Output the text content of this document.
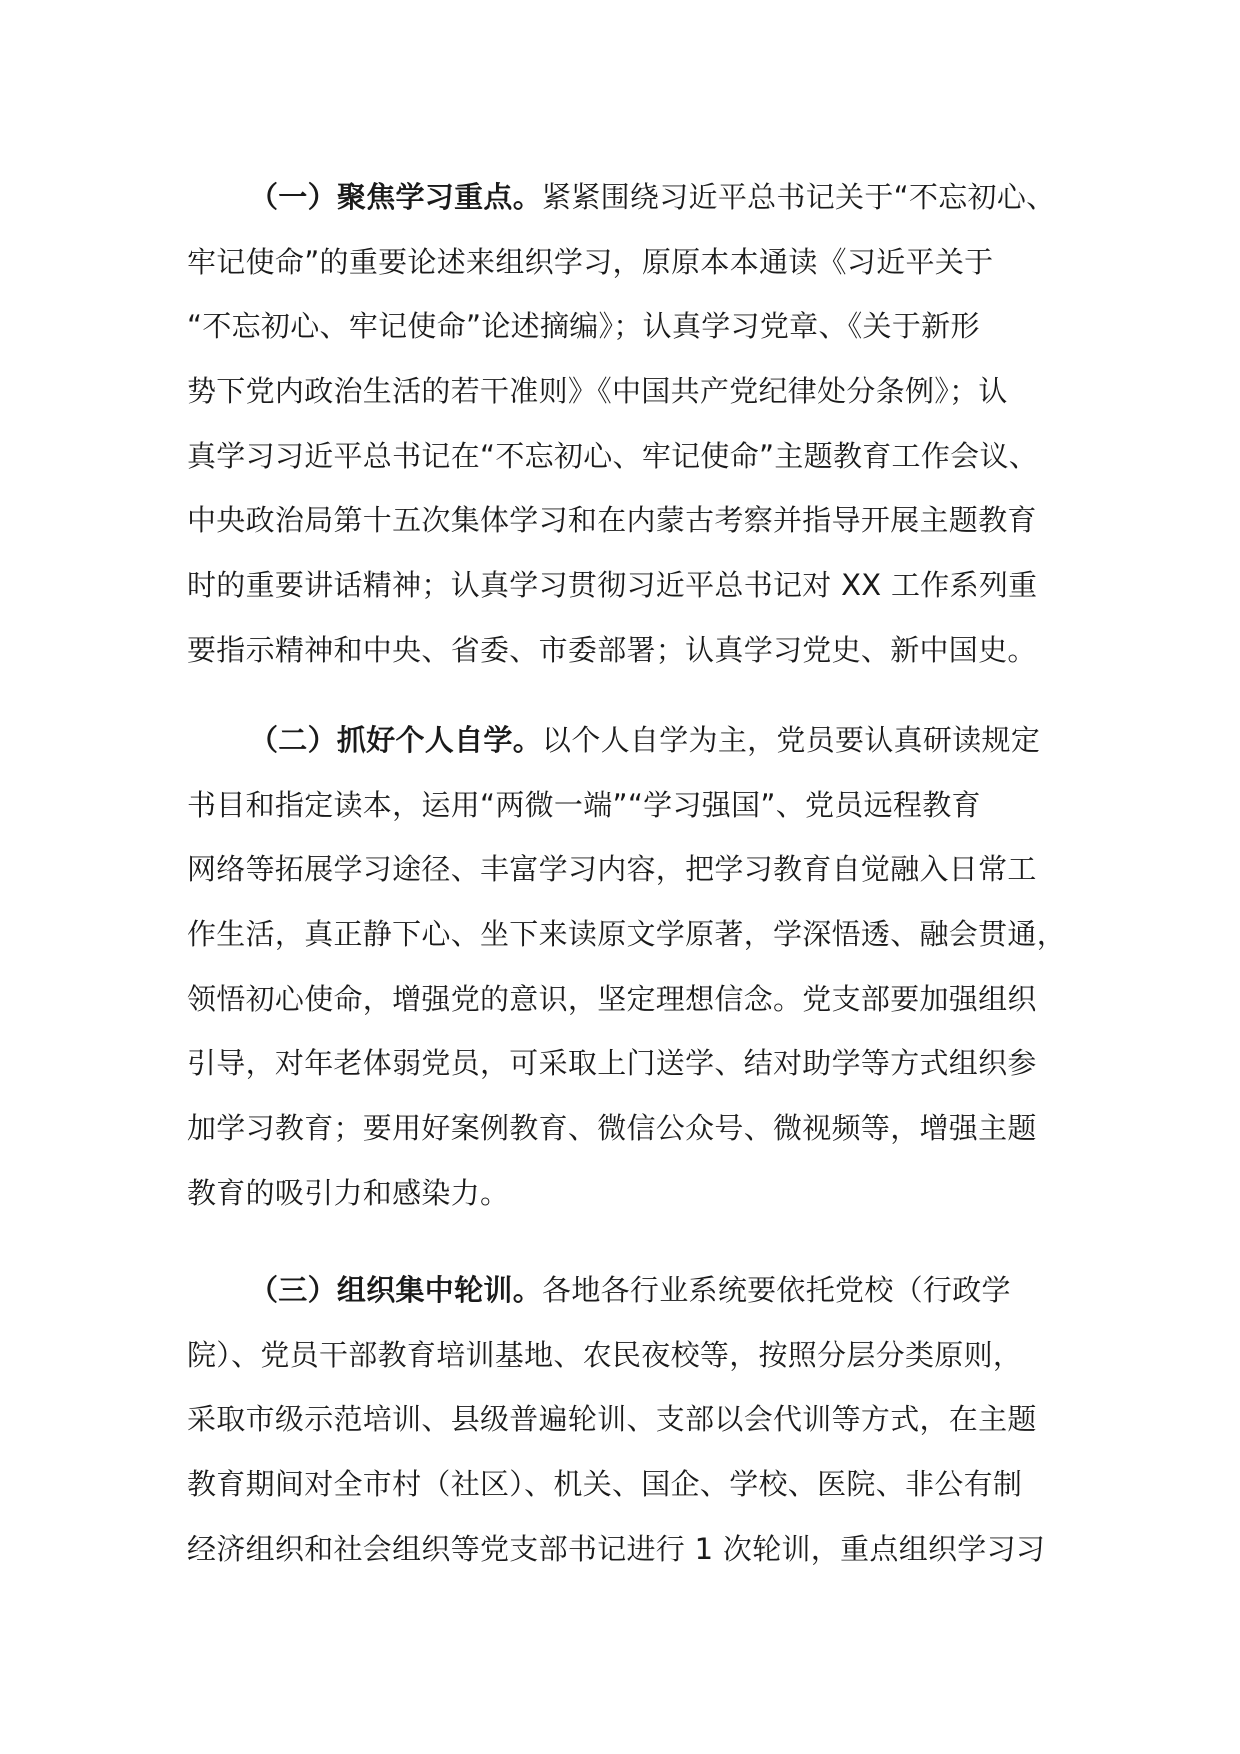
（一）聚焦学习重点。紧紧围绕习近平总书记关于“不忘初心、
牢记使命”的重要论述来组织学习，原原本本通读《习近平关于
“不忘初心、牢记使命”论述摘编》；认真学习党章、《关于新形
势下党内政治生活的若干准则》《中国共产党纪律处分条例》；认
真学习习近平总书记在“不忘初心、牢记使命”主题教育工作会议、
中央政治局第十五次集体学习和在内蒙古考察并指导开展主题教育
时的重要讲话精神；认真学习贯彻习近平总书记对 XX 工作系列重
要指示精神和中央、省委、市委部署；认真学习党史、新中国史。
（二）抓好个人自学。以个人自学为主，党员要认真研读规定
书目和指定读本，运用“两微一端”“学习强国”、党员远程教育
网络等拓展学习途径、丰富学习内容，把学习教育自觉融入日常工
作生活，真正静下心、坐下来读原文学原著，学深悟透、融会贯通，
领悟初心使命，增强党的意识，坚定理想信念。党支部要加强组织
引导，对年老体弱党员，可采取上门送学、结对助学等方式组织参
加学习教育；要用好案例教育、微信公众号、微视频等，增强主题
教育的吸引力和感染力。
（三）组织集中轮训。各地各行业系统要依托党校（行政学
院）、党员干部教育培训基地、农民夜校等，按照分层分类原则，
采取市级示范培训、县级普遍轮训、支部以会代训等方式，在主题
教育期间对全市村（社区）、机关、国企、学校、医院、非公有制
经济组织和社会组织等党支部书记进行 1 次轮训，重点组织学习习
